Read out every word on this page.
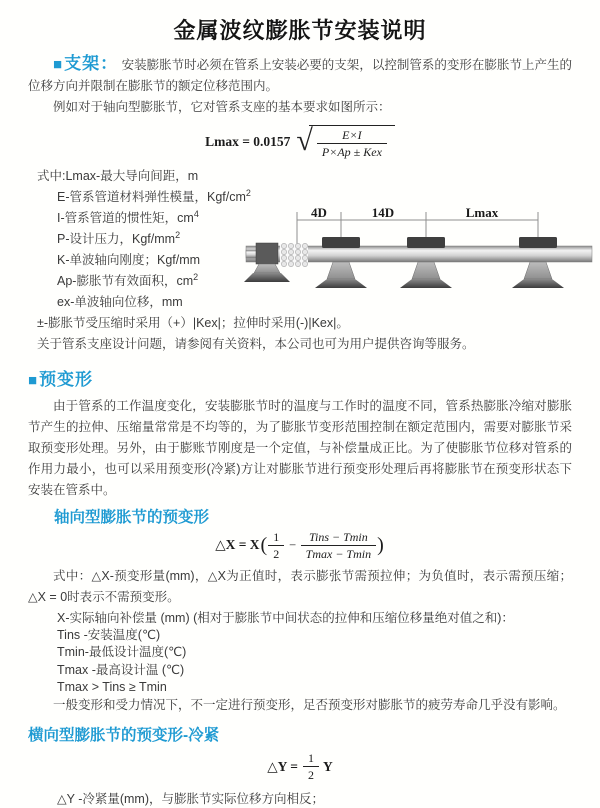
金属波纹膨胀节安装说明

■ 支架： 安装膨胀节时必须在管系上安装必要的支架，以控制管系的变形在膨胀节上产生的位移方向并限制在膨胀节的额定位移范围内。

例如对于轴向型膨胀节，它对管系支座的基本要求如图所示：

Lmax = 0.0157 √ $\frac{E\times I}{\text{P×Ap ± Kex}}$
式中:Lmax-最大导向间距，m
E-管系管道材料弹性模量，Kgf/$cm^2$
I-管系管道的惯性矩，$cm^4$
P-设计压力，Kgf/$mm^2$
K-单波轴向刚度；Kgf/mm
Ap-膨胀节有效面积，$cm^2$
ex-单波轴向位移，mm
±-膨胀节受压缩时采用（+）|Kex|；拉伸时采用(-)|Kex|。
关于管系支座设计问题，请参阅有关资料，本公司也可为用户提供咨询等服务。
4D	14D	Lmax
■ 预变形

由于管系的工作温度变化，安装膨胀节时的温度与工作时的温度不同，管系热膨胀冷缩对膨胀节产生的拉伸、压缩量常常是不均等的，为了膨胀节变形范围控制在额定范围内，需要对膨胀节采取预变形处理。另外，由于膨账节刚度是一个定值，与补偿量成正比。为了使膨胀节位移对管系的作用力最小，也可以采用预变形(冷紧)方让对膨胀节进行预变形处理后再将膨胀节在预变形状态下安装在管系中。

轴向型膨胀节的预变形
△X = X ( $\frac{1}{2} - \frac{\text{Tins − Tmin}}{Tmax - Tmin}$ )

式中：△X-预变形量(mm)，△X为正值时，表示膨张节需预拉伸；为负值时，表示需预压缩；△X = 0时表示不需预变形。

X-实际轴向补偿量 (mm) (相对于膨胀节中间状态的拉伸和压缩位移量绝对值之和)：
Tins -安装温度(℃)
Tmin-最低设计温度(℃)
Tmax -最高设计温 (℃)
Tmax > Tins ≥ Tmin
一般变形和受力情况下，不一定进行预变形，足否预变形对膨胀节的疲劳寿命几乎没有影响。
横向型膨胀节的预变形-冷紧
△Y = $\frac{1}{2}$ Y
△Y -冷紧量(mm)，与膨胀节实际位移方向相反；
